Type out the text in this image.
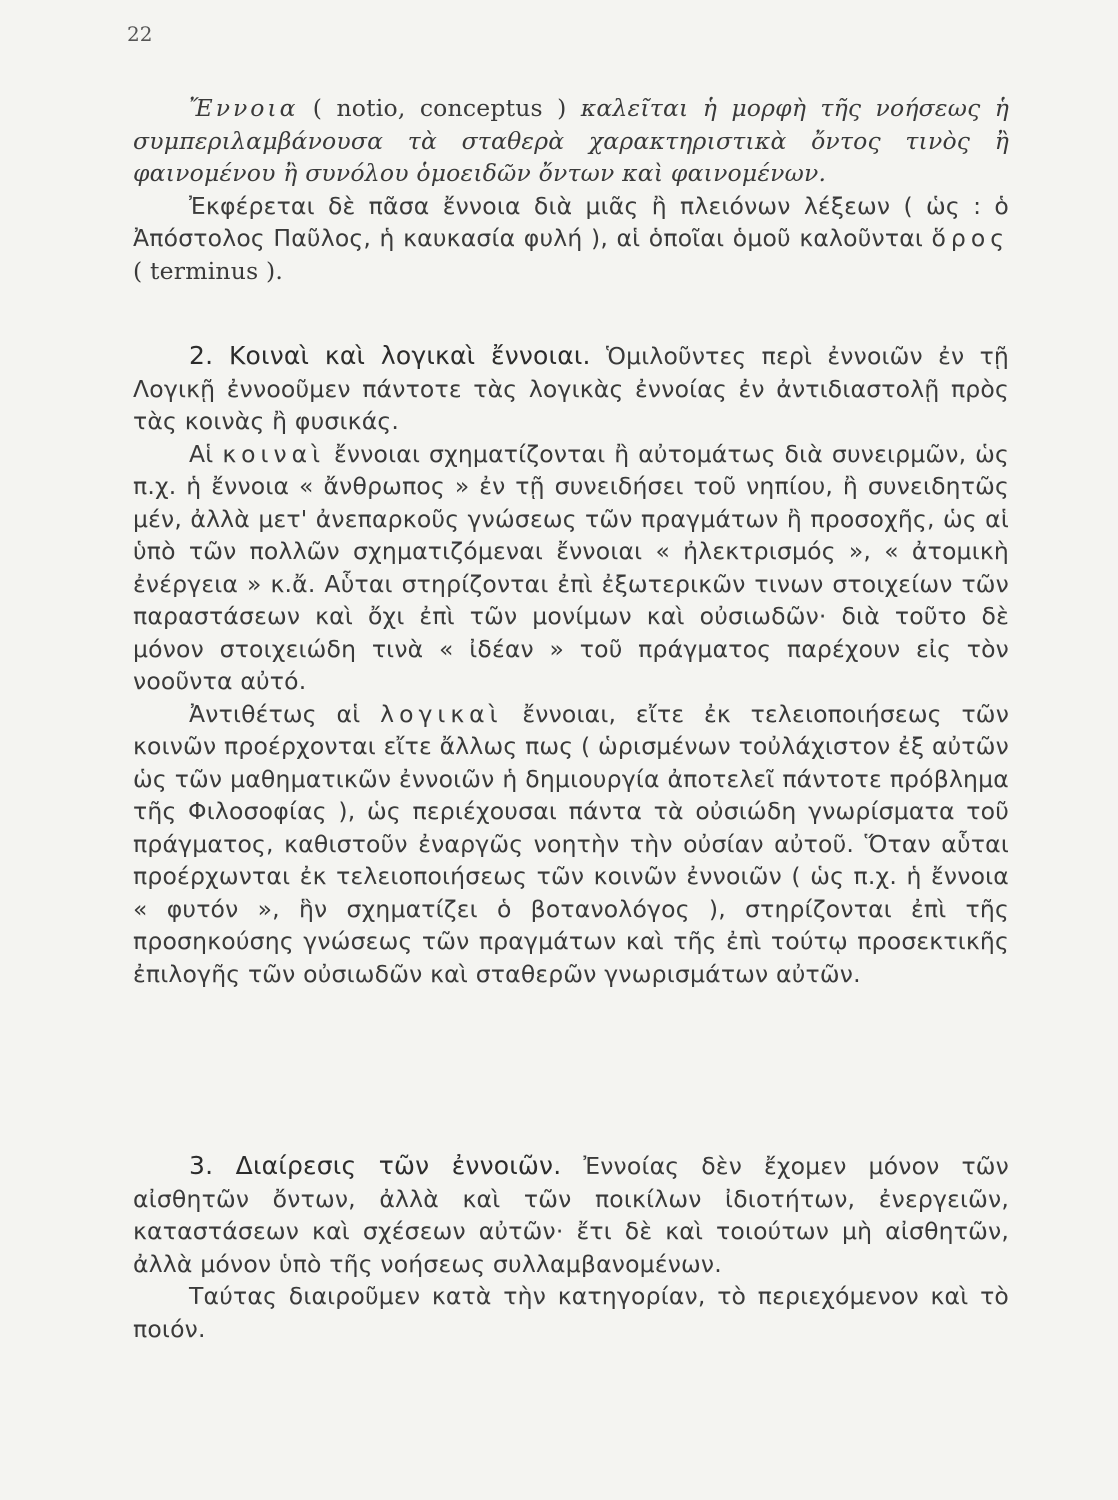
22

Ἔννοια ( notio, conceptus ) καλεῖται ἡ μορφὴ τῆς νοήσεως ἡ συμπεριλαμβάνουσα τὰ σταθερὰ χαρακτηριστικὰ ὄντος τινὸς ἢ φαινομένου ἢ συνόλου ὁμοειδῶν ὄντων καὶ φαινομένων.

Ἐκφέρεται δὲ πᾶσα ἔννοια διὰ μιᾶς ἢ πλειόνων λέξεων ( ὡς : ὁ Ἀπόστολος Παῦλος, ἡ καυκασία φυλή ), αἱ ὁποῖαι ὁμοῦ καλοῦνται ὅρος ( terminus ).

2. Κοιναὶ καὶ λογικαὶ ἔννοιαι. Ὁμιλοῦντες περὶ ἐννοιῶν ἐν τῇ Λογικῇ ἐννοοῦμεν πάντοτε τὰς λογικὰς ἐννοίας ἐν ἀντιδιαστολῇ πρὸς τὰς κοινὰς ἢ φυσικάς.

Αἱ κοιναὶ ἔννοιαι σχηματίζονται ἢ αὐτομάτως διὰ συνειρμῶν, ὡς π.χ. ἡ ἔννοια « ἄνθρωπος » ἐν τῇ συνειδήσει τοῦ νηπίου, ἢ συνειδητῶς μέν, ἀλλὰ μετ' ἀνεπαρκοῦς γνώσεως τῶν πραγμάτων ἢ προσοχῆς, ὡς αἱ ὑπὸ τῶν πολλῶν σχηματιζόμεναι ἔννοιαι « ἠλεκτρισμός », « ἀτομικὴ ἐνέργεια » κ.ἄ. Αὗται στηρίζονται ἐπὶ ἐξωτερικῶν τινων στοιχείων τῶν παραστάσεων καὶ ὄχι ἐπὶ τῶν μονίμων καὶ οὐσιωδῶν· διὰ τοῦτο δὲ μόνον στοιχειώδη τινὰ « ἰδέαν » τοῦ πράγματος παρέχουν εἰς τὸν νοοῦντα αὐτό.

Ἀντιθέτως αἱ λογικαὶ ἔννοιαι, εἴτε ἐκ τελειοποιήσεως τῶν κοινῶν προέρχονται εἴτε ἄλλως πως ( ὡρισμένων τοὐλάχιστον ἐξ αὐτῶν ὡς τῶν μαθηματικῶν ἐννοιῶν ἡ δημιουργία ἀποτελεῖ πάντοτε πρόβλημα τῆς Φιλοσοφίας ), ὡς περιέχουσαι πάντα τὰ οὐσιώδη γνωρίσματα τοῦ πράγματος, καθιστοῦν ἐναργῶς νοητὴν τὴν οὐσίαν αὐτοῦ. Ὅταν αὗται προέρχωνται ἐκ τελειοποιήσεως τῶν κοινῶν ἐννοιῶν ( ὡς π.χ. ἡ ἔννοια « φυτόν », ἣν σχηματίζει ὁ βοτανολόγος ), στηρίζονται ἐπὶ τῆς προσηκούσης γνώσεως τῶν πραγμάτων καὶ τῆς ἐπὶ τούτῳ προσεκτικῆς ἐπιλογῆς τῶν οὐσιωδῶν καὶ σταθερῶν γνωρισμάτων αὐτῶν.

3. Διαίρεσις τῶν ἐννοιῶν. Ἐννοίας δὲν ἔχομεν μόνον τῶν αἰσθητῶν ὄντων, ἀλλὰ καὶ τῶν ποικίλων ἰδιοτήτων, ἐνεργειῶν, καταστάσεων καὶ σχέσεων αὐτῶν· ἔτι δὲ καὶ τοιούτων μὴ αἰσθητῶν, ἀλλὰ μόνον ὑπὸ τῆς νοήσεως συλλαμβανομένων.

Ταύτας διαιροῦμεν κατὰ τὴν κατηγορίαν, τὸ περιεχόμενον καὶ τὸ ποιόν.
